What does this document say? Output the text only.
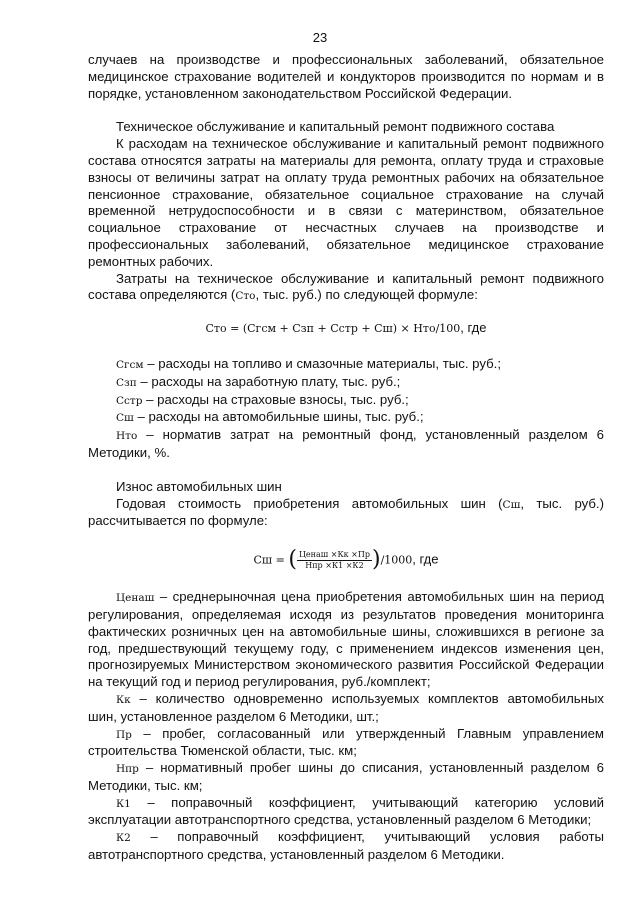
23

случаев на производстве и профессиональных заболеваний, обязательное медицинское страхование водителей и кондукторов производится по нормам и в порядке, установленном законодательством Российской Федерации.

Техническое обслуживание и капитальный ремонт подвижного состава

К расходам на техническое обслуживание и капитальный ремонт подвижного состава относятся затраты на материалы для ремонта, оплату труда и страховые взносы от величины затрат на оплату труда ремонтных рабочих на обязательное пенсионное страхование, обязательное социальное страхование на случай временной нетрудоспособности и в связи с материнством, обязательное социальное страхование от несчастных случаев на производстве и профессиональных заболеваний, обязательное медицинское страхование ремонтных рабочих.

Затраты на техническое обслуживание и капитальный ремонт подвижного состава определяются (Сто, тыс. руб.) по следующей формуле:

Сто = (Сгсм + Сзп + Сстр + Сш) × Нто/100, где

Сгсм – расходы на топливо и смазочные материалы, тыс. руб.;

Сзп – расходы на заработную плату, тыс. руб.;

Сстр – расходы на страховые взносы, тыс. руб.;

Сш – расходы на автомобильные шины, тыс. руб.;

Нто – норматив затрат на ремонтный фонд, установленный разделом 6 Методики, %.

Износ автомобильных шин

Годовая стоимость приобретения автомобильных шин (Сш, тыс. руб.) рассчитывается по формуле:

Сш = ( $\frac{\text{Ценаш ×Кк ×Пр}}{\text{Нпр ×К1 ×К2}} )/1000$, где

Ценаш – среднерыночная цена приобретения автомобильных шин на период регулирования, определяемая исходя из результатов проведения мониторинга фактических розничных цен на автомобильные шины, сложившихся в регионе за год, предшествующий текущему году, с применением индексов изменения цен, прогнозируемых Министерством экономического развития Российской Федерации на текущий год и период регулирования, руб./комплект;

Кк – количество одновременно используемых комплектов автомобильных шин, установленное разделом 6 Методики, шт.;

Пр – пробег, согласованный или утвержденный Главным управлением строительства Тюменской области, тыс. км;

Нпр – нормативный пробег шины до списания, установленный разделом 6 Методики, тыс. км;

К1 – поправочный коэффициент, учитывающий категорию условий эксплуатации автотранспортного средства, установленный разделом 6 Методики;

К2 – поправочный коэффициент, учитывающий условия работы автотранспортного средства, установленный разделом 6 Методики.
